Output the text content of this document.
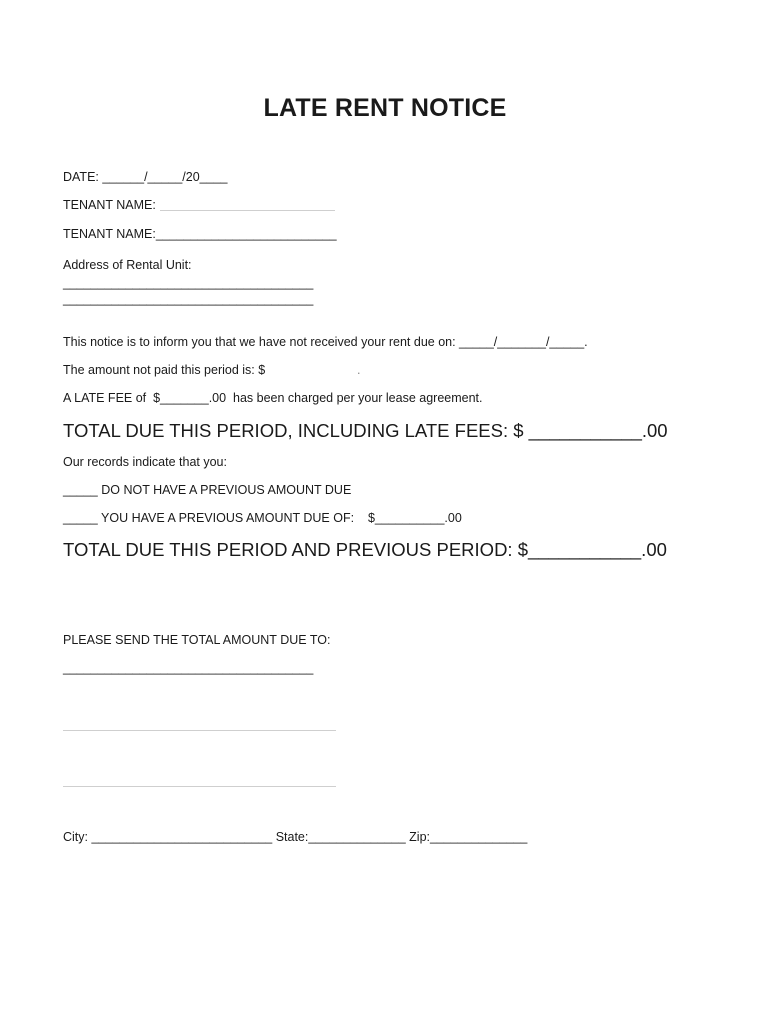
LATE RENT NOTICE
DATE: ______/_____/20____
TENANT NAME:
TENANT NAME:__________________________
Address of Rental Unit:
____________________________________
____________________________________
This notice is to inform you that we have not received your rent due on: _____/_______/_____.
The amount not paid this period is: $	.
A LATE FEE of  $_______.00  has been charged per your lease agreement.
TOTAL DUE THIS PERIOD, INCLUDING LATE FEES: $ ___________.00
Our records indicate that you:
_____ DO NOT HAVE A PREVIOUS AMOUNT DUE
_____ YOU HAVE A PREVIOUS AMOUNT DUE OF:    $__________.00
TOTAL DUE THIS PERIOD AND PREVIOUS PERIOD: $___________.00
PLEASE SEND THE TOTAL AMOUNT DUE TO:
____________________________________
City: __________________________ State:______________ Zip:______________
